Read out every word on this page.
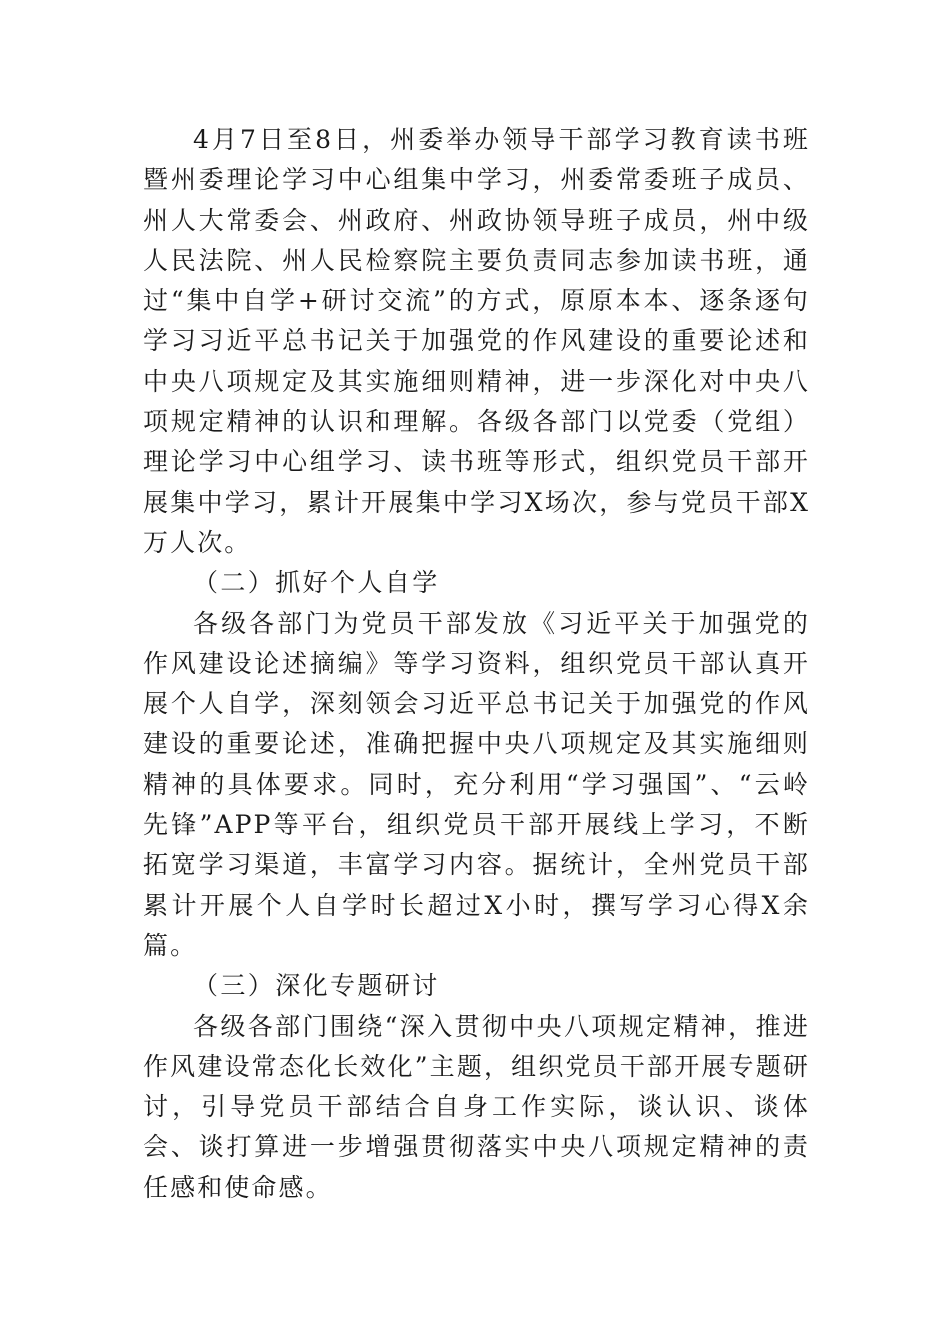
4月7日至8日，州委举办领导干部学习教育读书班暨州委理论学习中心组集中学习，州委常委班子成员、州人大常委会、州政府、州政协领导班子成员，州中级人民法院、州人民检察院主要负责同志参加读书班，通过“集中自学+研讨交流”的方式，原原本本、逐条逐句学习习近平总书记关于加强党的作风建设的重要论述和中央八项规定及其实施细则精神，进一步深化对中央八项规定精神的认识和理解。各级各部门以党委（党组）理论学习中心组学习、读书班等形式，组织党员干部开展集中学习，累计开展集中学习X场次，参与党员干部X万人次。

（二）抓好个人自学

各级各部门为党员干部发放《习近平关于加强党的作风建设论述摘编》等学习资料，组织党员干部认真开展个人自学，深刻领会习近平总书记关于加强党的作风建设的重要论述，准确把握中央八项规定及其实施细则精神的具体要求。同时，充分利用“学习强国”、“云岭先锋”APP等平台，组织党员干部开展线上学习，不断拓宽学习渠道，丰富学习内容。据统计，全州党员干部累计开展个人自学时长超过X小时，撰写学习心得X余篇。

（三）深化专题研讨

各级各部门围绕“深入贯彻中央八项规定精神，推进作风建设常态化长效化”主题，组织党员干部开展专题研讨，引导党员干部结合自身工作实际，谈认识、谈体会、谈打算进一步增强贯彻落实中央八项规定精神的责任感和使命感。
